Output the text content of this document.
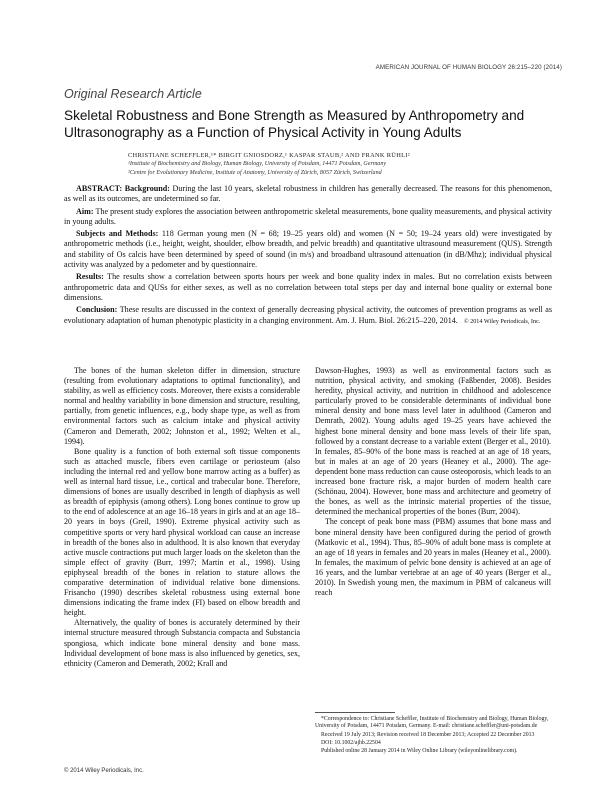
AMERICAN JOURNAL OF HUMAN BIOLOGY 26:215–220 (2014)
Original Research Article
Skeletal Robustness and Bone Strength as Measured by Anthropometry and Ultrasonography as a Function of Physical Activity in Young Adults
CHRISTIANE SCHEFFLER,¹* BIRGIT GNIOSDORZ,¹ KASPAR STAUB,² AND FRANK RÜHLI²
¹Institute of Biochemistry and Biology, Human Biology, University of Potsdam, 14471 Potsdam, Germany
²Centre for Evolutionary Medicine, Institute of Anatomy, University of Zürich, 8057 Zürich, Switzerland

ABSTRACT: Background: During the last 10 years, skeletal robustness in children has generally decreased. The reasons for this phenomenon, as well as its outcomes, are undetermined so far.

Aim: The present study explores the association between anthropometric skeletal measurements, bone quality measurements, and physical activity in young adults.

Subjects and Methods: 118 German young men (N = 68; 19–25 years old) and women (N = 50; 19–24 years old) were investigated by anthropometric methods (i.e., height, weight, shoulder, elbow breadth, and pelvic breadth) and quantitative ultrasound measurement (QUS). Strength and stability of Os calcis have been determined by speed of sound (in m/s) and broadband ultrasound attenuation (in dB/Mhz); individual physical activity was analyzed by a pedometer and by questionnaire.

Results: The results show a correlation between sports hours per week and bone quality index in males. But no correlation exists between anthropometric data and QUSs for either sexes, as well as no correlation between total steps per day and internal bone quality or external bone dimensions.

Conclusion: These results are discussed in the context of generally decreasing physical activity, the outcomes of prevention programs as well as evolutionary adaptation of human phenotypic plasticity in a changing environment. Am. J. Hum. Biol. 26:215–220, 2014. © 2014 Wiley Periodicals, Inc.

The bones of the human skeleton differ in dimension, structure (resulting from evolutionary adaptations to optimal functionality), and stability, as well as efficiency costs. Moreover, there exists a considerable normal and healthy variability in bone dimension and structure, resulting, partially, from genetic influences, e.g., body shape type, as well as from environmental factors such as calcium intake and physical activity (Cameron and Demerath, 2002; Johnston et al., 1992; Welten et al., 1994).

Bone quality is a function of both external soft tissue components such as attached muscle, fibers even cartilage or periosteum (also including the internal red and yellow bone marrow acting as a buffer) as well as internal hard tissue, i.e., cortical and trabecular bone. Therefore, dimensions of bones are usually described in length of diaphysis as well as breadth of epiphysis (among others). Long bones continue to grow up to the end of adolescence at an age 16–18 years in girls and at an age 18–20 years in boys (Greil, 1990). Extreme physical activity such as competitive sports or very hard physical workload can cause an increase in breadth of the bones also in adulthood. It is also known that everyday active muscle contractions put much larger loads on the skeleton than the simple effect of gravity (Burr, 1997; Martin et al., 1998). Using epiphyseal breadth of the bones in relation to stature allows the comparative determination of individual relative bone dimensions. Frisancho (1990) describes skeletal robustness using external bone dimensions indicating the frame index (FI) based on elbow breadth and height.

Alternatively, the quality of bones is accurately determined by their internal structure measured through Substancia compacta and Substancia spongiosa, which indicate bone mineral density and bone mass. Individual development of bone mass is also influenced by genetics, sex, ethnicity (Cameron and Demerath, 2002; Krall and

Dawson-Hughes, 1993) as well as environmental factors such as nutrition, physical activity, and smoking (Faßbender, 2008). Besides heredity, physical activity, and nutrition in childhood and adolescence particularly proved to be considerable determinants of individual bone mineral density and bone mass level later in adulthood (Cameron and Demrath, 2002). Young adults aged 19–25 years have achieved the highest bone mineral density and bone mass levels of their life span, followed by a constant decrease to a variable extent (Berger et al., 2010). In females, 85–90% of the bone mass is reached at an age of 18 years, but in males at an age of 20 years (Heaney et al., 2000). The age-dependent bone mass reduction can cause osteoporosis, which leads to an increased bone fracture risk, a major burden of modern health care (Schönau, 2004). However, bone mass and architecture and geometry of the bones, as well as the intrinsic material properties of the tissue, determined the mechanical properties of the bones (Burr, 2004).

The concept of peak bone mass (PBM) assumes that bone mass and bone mineral density have been configured during the period of growth (Matkovic et al., 1994). Thus, 85–90% of adult bone mass is complete at an age of 18 years in females and 20 years in males (Heaney et al., 2000). In females, the maximum of pelvic bone density is achieved at an age of 16 years, and the lumbar vertebrae at an age of 40 years (Berger et al., 2010). In Swedish young men, the maximum in PBM of calcaneus will reach

*Correspondence to: Christiane Scheffler, Institute of Biochemistry and Biology, Human Biology, University of Potsdam, 14471 Potsdam, Germany. E-mail: christiane.scheffler@uni-potsdam.de

Received 19 July 2013; Revision received 18 December 2013; Accepted 22 December 2013

DOI: 10.1002/ajhb.22504

Published online 28 January 2014 in Wiley Online Library (wileyonlinelibrary.com).

© 2014 Wiley Periodicals, Inc.
